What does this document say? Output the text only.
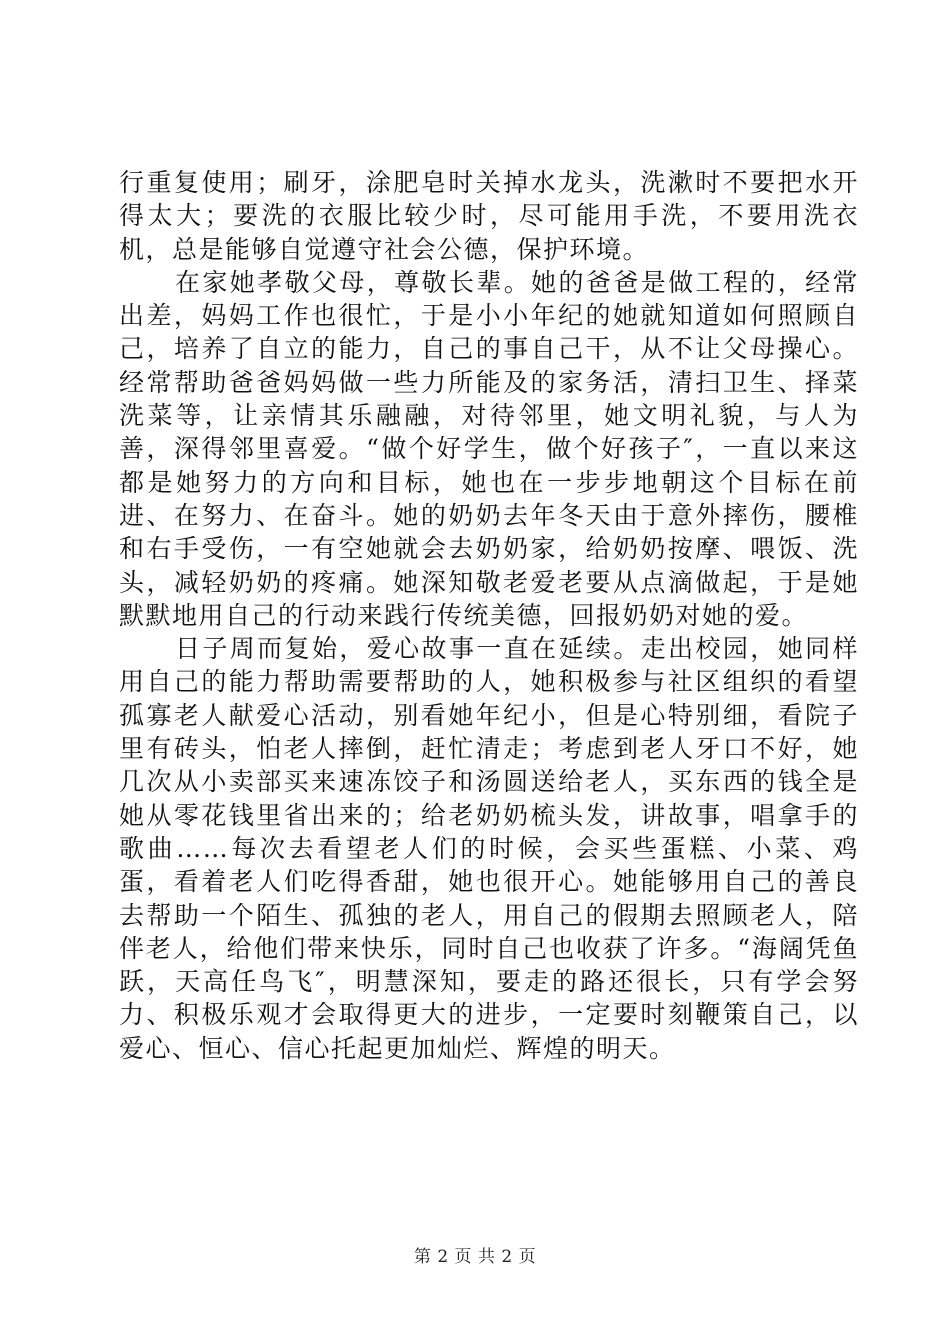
行重复使用；刷牙，涂肥皂时关掉水龙头，洗漱时不要把水开得太大；要洗的衣服比较少时，尽可能用手洗，不要用洗衣机，总是能够自觉遵守社会公德，保护环境。

在家她孝敬父母，尊敬长辈。她的爸爸是做工程的，经常出差，妈妈工作也很忙，于是小小年纪的她就知道如何照顾自己，培养了自立的能力，自己的事自己干，从不让父母操心。经常帮助爸爸妈妈做一些力所能及的家务活，清扫卫生、择菜洗菜等，让亲情其乐融融，对待邻里，她文明礼貌，与人为善，深得邻里喜爱。“做个好学生，做个好孩子″，一直以来这都是她努力的方向和目标，她也在一步步地朝这个目标在前进、在努力、在奋斗。她的奶奶去年冬天由于意外摔伤，腰椎和右手受伤，一有空她就会去奶奶家，给奶奶按摩、喂饭、洗头，减轻奶奶的疼痛。她深知敬老爱老要从点滴做起，于是她默默地用自己的行动来践行传统美德，回报奶奶对她的爱。

日子周而复始，爱心故事一直在延续。走出校园，她同样用自己的能力帮助需要帮助的人，她积极参与社区组织的看望孤寡老人献爱心活动，别看她年纪小，但是心特别细，看院子里有砖头，怕老人摔倒，赶忙清走；考虑到老人牙口不好，她几次从小卖部买来速冻饺子和汤圆送给老人，买东西的钱全是她从零花钱里省出来的；给老奶奶梳头发，讲故事，唱拿手的歌曲……每次去看望老人们的时候，会买些蛋糕、小菜、鸡蛋，看着老人们吃得香甜，她也很开心。她能够用自己的善良去帮助一个陌生、孤独的老人，用自己的假期去照顾老人，陪伴老人，给他们带来快乐，同时自己也收获了许多。“海阔凭鱼跃，天高任鸟飞″，明慧深知，要走的路还很长，只有学会努力、积极乐观才会取得更大的进步，一定要时刻鞭策自己，以爱心、恒心、信心托起更加灿烂、辉煌的明天。

第 2 页 共 2 页
